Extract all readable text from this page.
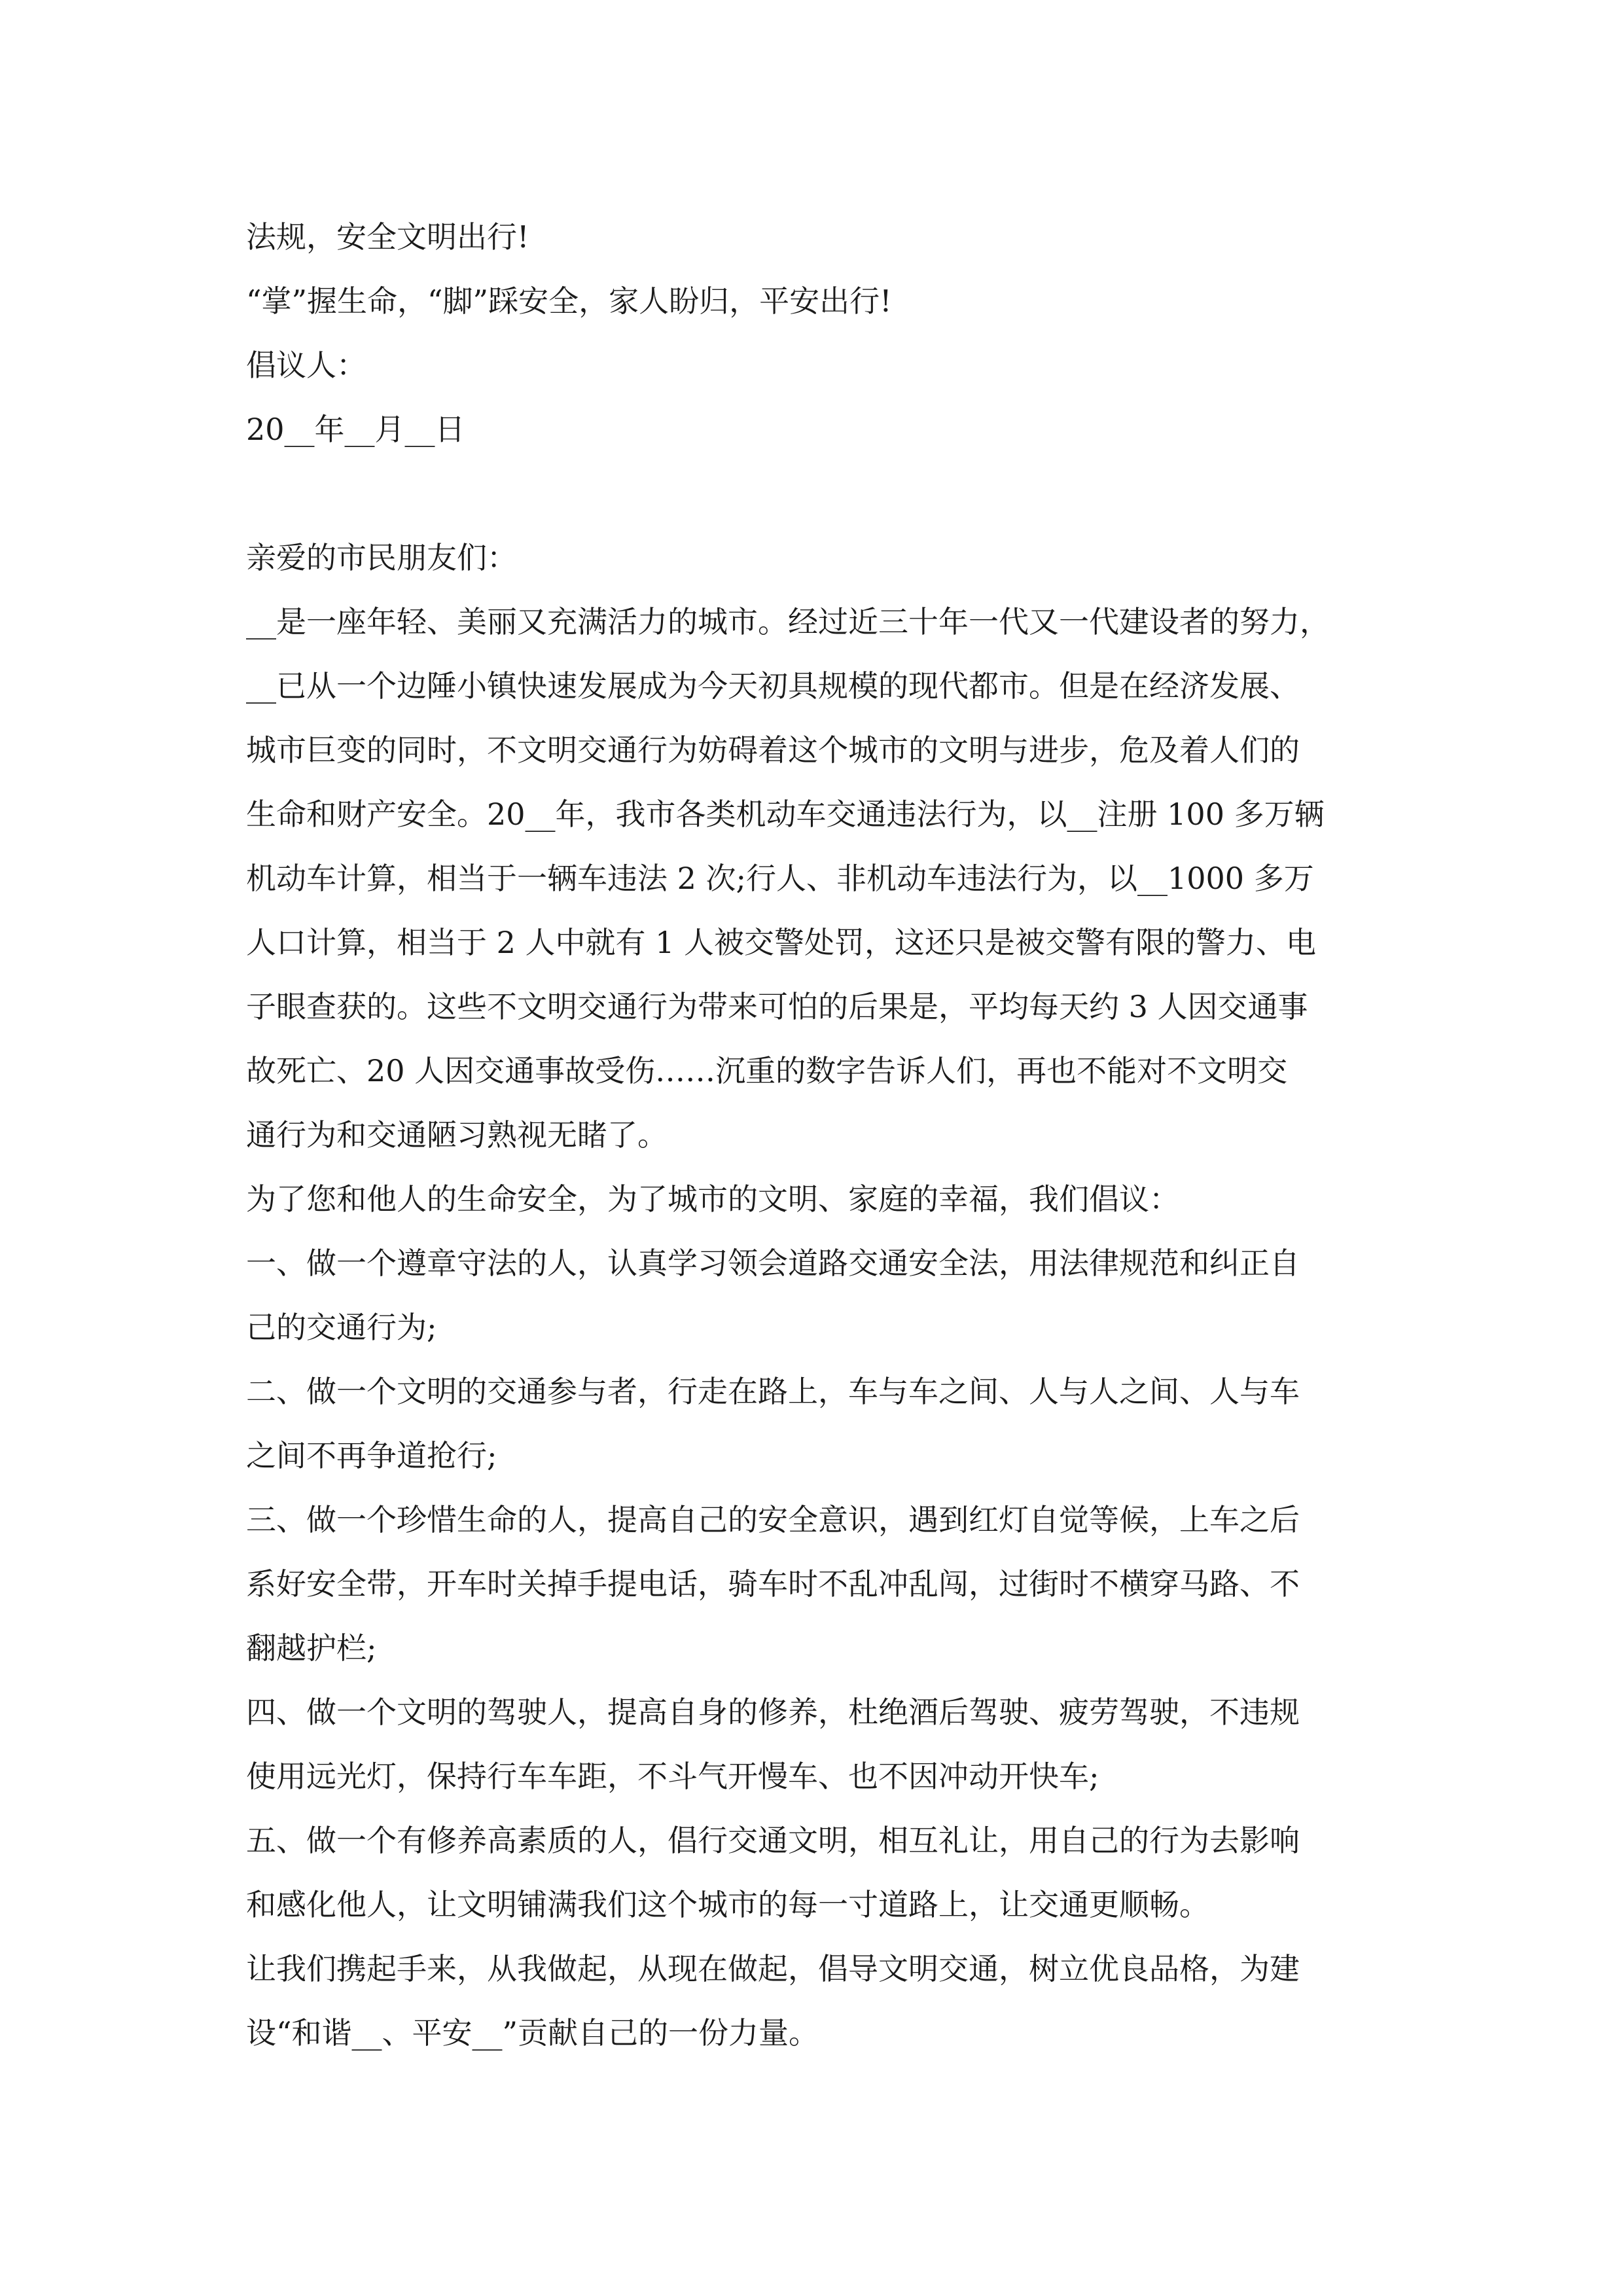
法规，安全文明出行!
“掌”握生命，“脚”踩安全，家人盼归，平安出行!
倡议人：
20__年__月__日
亲爱的市民朋友们：
__是一座年轻、美丽又充满活力的城市。经过近三十年一代又一代建设者的努力，
__已从一个边陲小镇快速发展成为今天初具规模的现代都市。但是在经济发展、
城市巨变的同时，不文明交通行为妨碍着这个城市的文明与进步，危及着人们的
生命和财产安全。20__年，我市各类机动车交通违法行为，以__注册 100 多万辆
机动车计算，相当于一辆车违法 2 次;行人、非机动车违法行为，以__1000 多万
人口计算，相当于 2 人中就有 1 人被交警处罚，这还只是被交警有限的警力、电
子眼查获的。这些不文明交通行为带来可怕的后果是，平均每天约 3 人因交通事
故死亡、20 人因交通事故受伤……沉重的数字告诉人们，再也不能对不文明交
通行为和交通陋习熟视无睹了。
为了您和他人的生命安全，为了城市的文明、家庭的幸福，我们倡议：
一、做一个遵章守法的人，认真学习领会道路交通安全法，用法律规范和纠正自
己的交通行为;
二、做一个文明的交通参与者，行走在路上，车与车之间、人与人之间、人与车
之间不再争道抢行;
三、做一个珍惜生命的人，提高自己的安全意识，遇到红灯自觉等候，上车之后
系好安全带，开车时关掉手提电话，骑车时不乱冲乱闯，过街时不横穿马路、不
翻越护栏;
四、做一个文明的驾驶人，提高自身的修养，杜绝酒后驾驶、疲劳驾驶，不违规
使用远光灯，保持行车车距，不斗气开慢车、也不因冲动开快车;
五、做一个有修养高素质的人，倡行交通文明，相互礼让，用自己的行为去影响
和感化他人，让文明铺满我们这个城市的每一寸道路上，让交通更顺畅。
让我们携起手来，从我做起，从现在做起，倡导文明交通，树立优良品格，为建
设“和谐__、平安__”贡献自己的一份力量。
